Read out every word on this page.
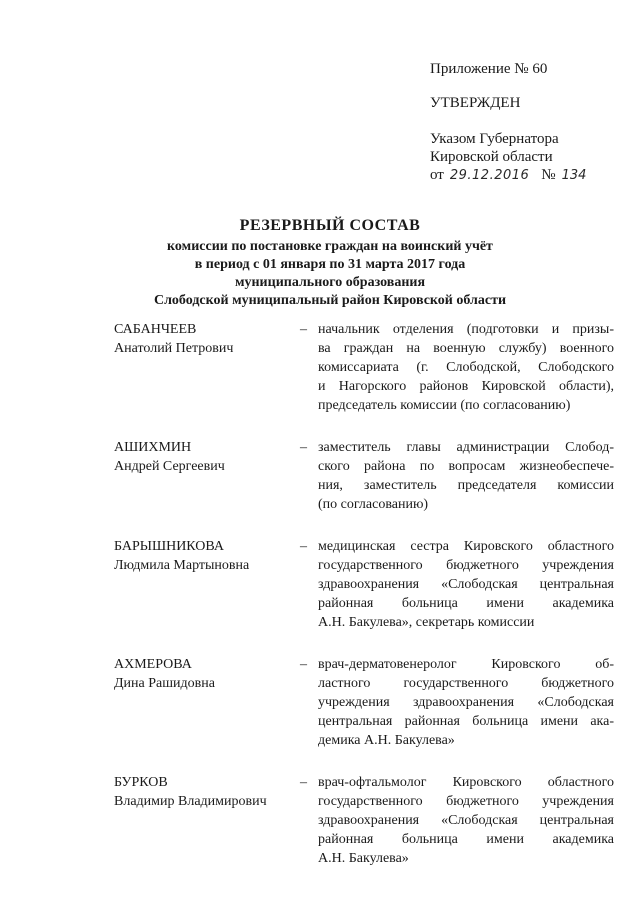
Приложение № 60
УТВЕРЖДЕН
Указом Губернатора
Кировской области
от 29.12.2016 № 134
РЕЗЕРВНЫЙ СОСТАВ
комиссии по постановке граждан на воинский учёт
в период с 01 января по 31 марта 2017 года
муниципального образования
Слободской муниципальный район Кировской области
САБАНЧЕЕВ
Анатолий Петрович
– начальник отделения (подготовки и призы-
ва граждан на военную службу) военного
комиссариата (г. Слободской, Слободского
и Нагорского районов Кировской области),
председатель комиссии (по согласованию)
АШИХМИН
Андрей Сергеевич
– заместитель главы администрации Слобод-
ского района по вопросам жизнеобеспече-
ния, заместитель председателя комиссии
(по согласованию)
БАРЫШНИКОВА
Людмила Мартыновна
– медицинская сестра Кировского областного
государственного бюджетного учреждения
здравоохранения «Слободская центральная
районная больница имени академика
А.Н. Бакулева», секретарь комиссии
АХМЕРОВА
Дина Рашидовна
– врач-дерматовенеролог Кировского об-
ластного государственного бюджетного
учреждения здравоохранения «Слободская
центральная районная больница имени ака-
демика А.Н. Бакулева»
БУРКОВ
Владимир Владимирович
– врач-офтальмолог Кировского областного
государственного бюджетного учреждения
здравоохранения «Слободская центральная
районная больница имени академика
А.Н. Бакулева»
